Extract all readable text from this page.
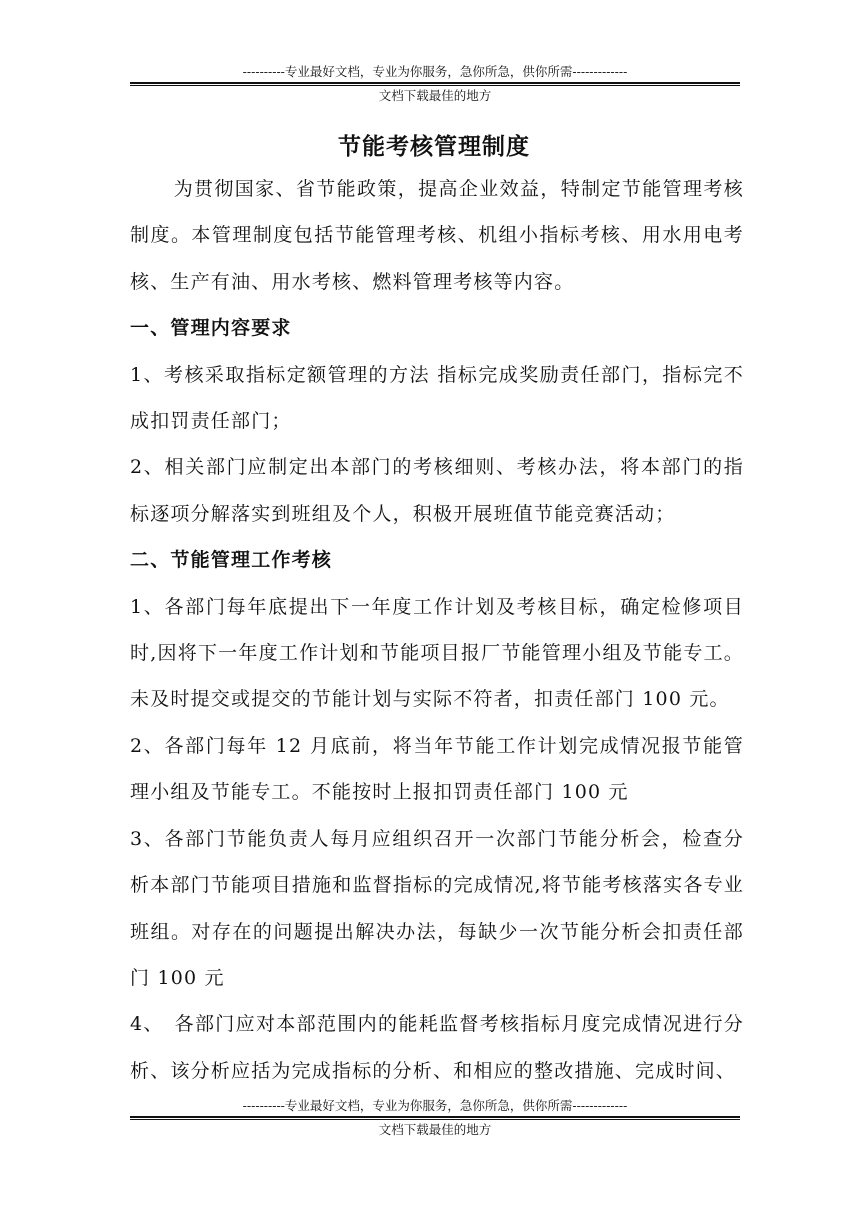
----------专业最好文档，专业为你服务，急你所急，供你所需-------------
文档下载最佳的地方
节能考核管理制度

为贯彻国家、省节能政策，提高企业效益，特制定节能管理考核制度。本管理制度包括节能管理考核、机组小指标考核、用水用电考核、生产有油、用水考核、燃料管理考核等内容。

一、管理内容要求

1、考核采取指标定额管理的方法 指标完成奖励责任部门，指标完不成扣罚责任部门；

2、相关部门应制定出本部门的考核细则、考核办法，将本部门的指标逐项分解落实到班组及个人，积极开展班值节能竞赛活动；

二、节能管理工作考核

1、各部门每年底提出下一年度工作计划及考核目标，确定检修项目时,因将下一年度工作计划和节能项目报厂节能管理小组及节能专工。未及时提交或提交的节能计划与实际不符者，扣责任部门 100 元。

2、各部门每年 12 月底前，将当年节能工作计划完成情况报节能管理小组及节能专工。不能按时上报扣罚责任部门 100 元

3、各部门节能负责人每月应组织召开一次部门节能分析会，检查分析本部门节能项目措施和监督指标的完成情况,将节能考核落实各专业班组。对存在的问题提出解决办法，每缺少一次节能分析会扣责任部门 100 元

4、　各部门应对本部范围内的能耗监督考核指标月度完成情况进行分析、该分析应括为完成指标的分析、和相应的整改措施、完成时间、

----------专业最好文档，专业为你服务，急你所急，供你所需-------------
文档下载最佳的地方
